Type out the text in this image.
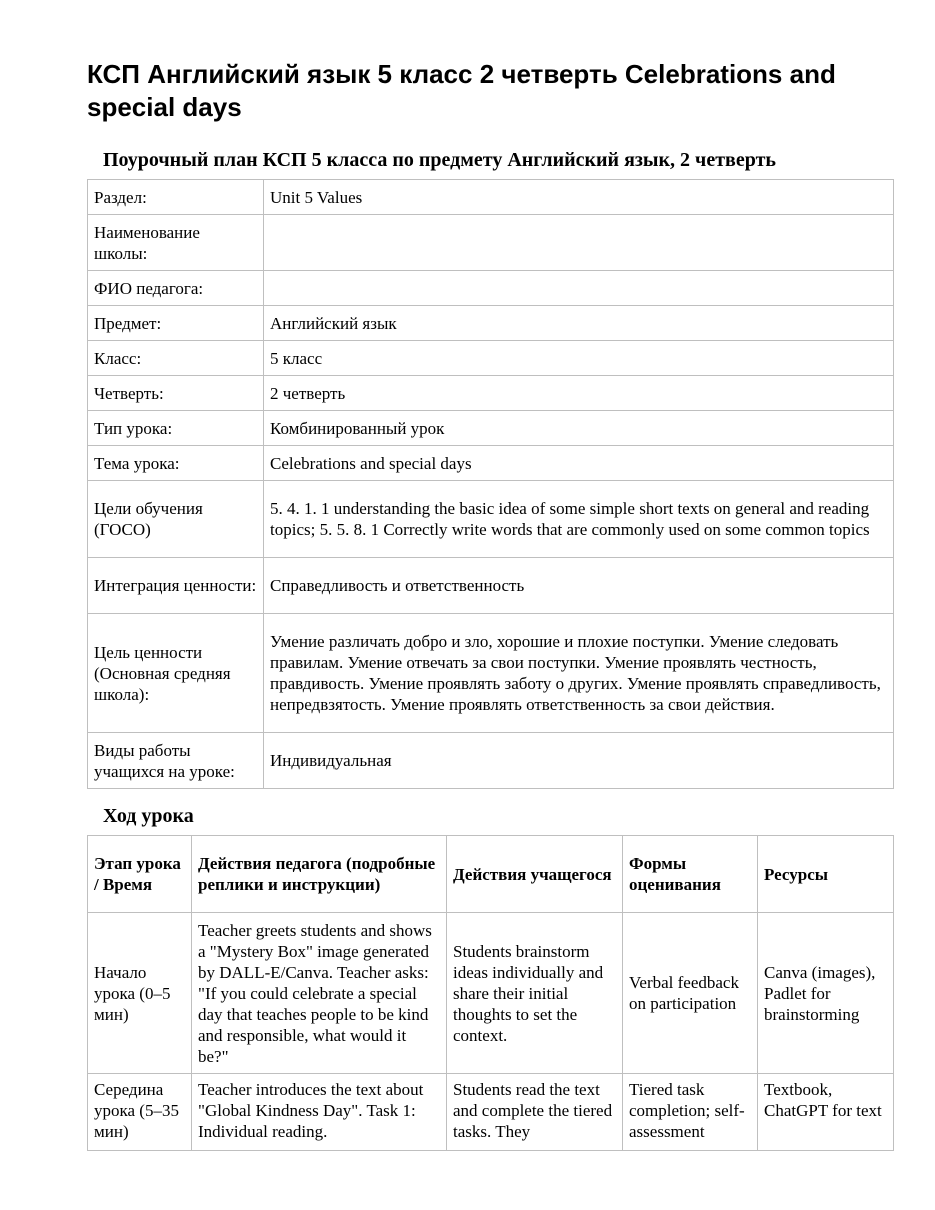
КСП Английский язык 5 класс 2 четверть Celebrations and special days
Поурочный план КСП 5 класса по предмету Английский язык, 2 четверть
Раздел:	Unit 5 Values
Наименование школы:	
ФИО педагога:	
Предмет:	Английский язык
Класс:	5 класс
Четверть:	2 четверть
Тип урока:	Комбинированный урок
Тема урока:	Celebrations and special days
Цели обучения (ГОСО)	5. 4. 1. 1 understanding the basic idea of some simple short texts on general and reading topics; 5. 5. 8. 1 Correctly write words that are commonly used on some common topics
Интеграция ценности:	Справедливость и ответственность
Цель ценности (Основная средняя школа):	Умение различать добро и зло, хорошие и плохие поступки. Умение следовать правилам. Умение отвечать за свои поступки. Умение проявлять честность, правдивость. Умение проявлять заботу о других. Умение проявлять справедливость, непредвзятость. Умение проявлять ответственность за свои действия.
Виды работы учащихся на уроке:	Индивидуальная
Ход урока
Этап урока / Время	Действия педагога (подробные реплики и инструкции)	Действия учащегося	Формы оценивания	Ресурсы
Начало урока (0–5 мин)	Teacher greets students and shows a "Mystery Box" image generated by DALL-E/Canva. Teacher asks: "If you could celebrate a special day that teaches people to be kind and responsible, what would it be?"	Students brainstorm ideas individually and share their initial thoughts to set the context.	Verbal feedback on participation	Canva (images), Padlet for brainstorming
Середина урока (5–35 мин)	Teacher introduces the text about "Global Kindness Day". Task 1: Individual reading.	Students read the text and complete the tiered tasks. They	Tiered task completion; self-assessment	Textbook, ChatGPT for text
